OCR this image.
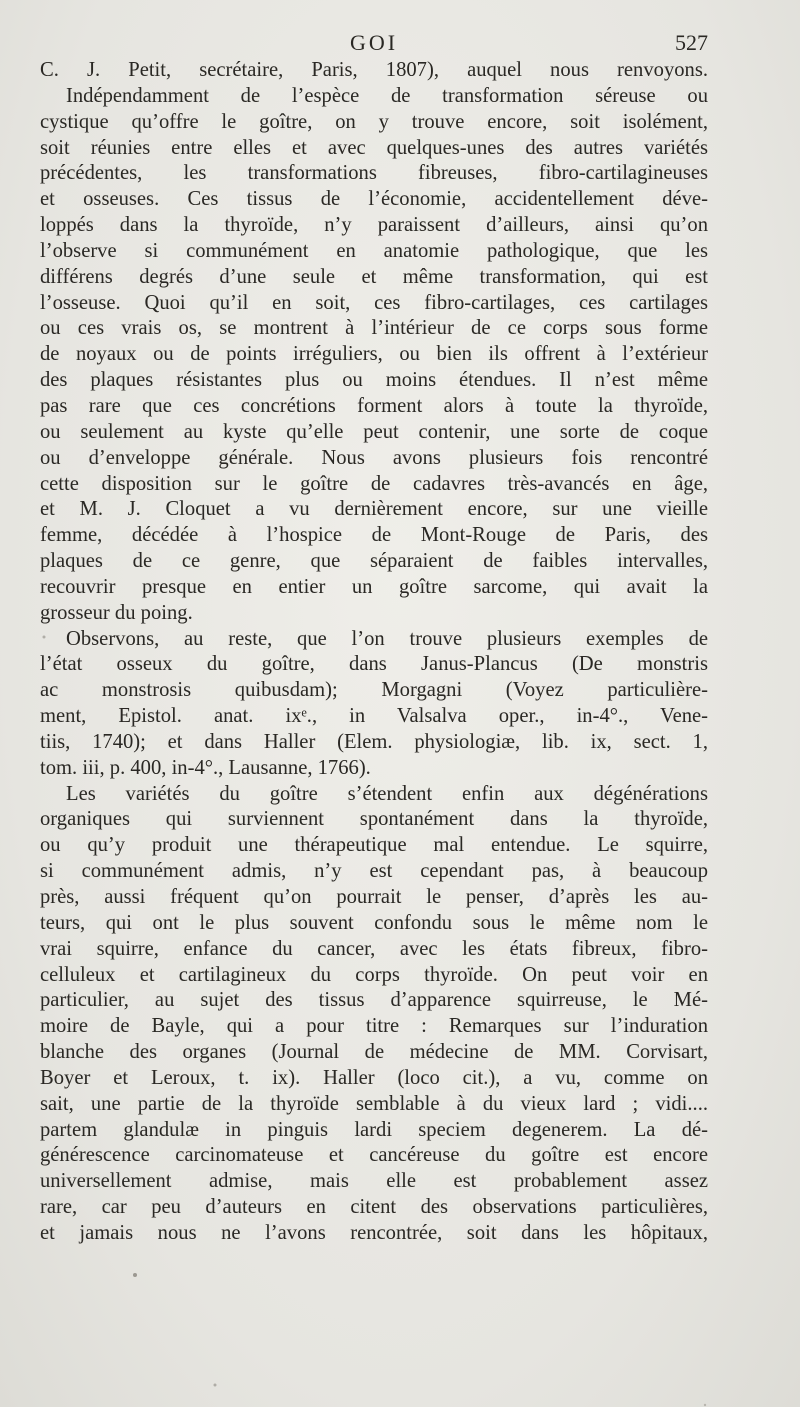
GOI	527
C. J. Petit, secrétaire, Paris, 1807), auquel nous renvoyons.
Indépendamment de l’espèce de transformation séreuse ou
cystique qu’offre le goître, on y trouve encore, soit isolément,
soit réunies entre elles et avec quelques-unes des autres variétés
précédentes, les transformations fibreuses, fibro-cartilagineuses
et osseuses. Ces tissus de l’économie, accidentellement déve-
loppés dans la thyroïde, n’y paraissent d’ailleurs, ainsi qu’on
l’observe si communément en anatomie pathologique, que les
différens degrés d’une seule et même transformation, qui est
l’osseuse. Quoi qu’il en soit, ces fibro-cartilages, ces cartilages
ou ces vrais os, se montrent à l’intérieur de ce corps sous forme
de noyaux ou de points irréguliers, ou bien ils offrent à l’extérieur
des plaques résistantes plus ou moins étendues. Il n’est même
pas rare que ces concrétions forment alors à toute la thyroïde,
ou seulement au kyste qu’elle peut contenir, une sorte de coque
ou d’enveloppe générale. Nous avons plusieurs fois rencontré
cette disposition sur le goître de cadavres très-avancés en âge,
et M. J. Cloquet a vu dernièrement encore, sur une vieille
femme, décédée à l’hospice de Mont-Rouge de Paris, des
plaques de ce genre, que séparaient de faibles intervalles,
recouvrir presque en entier un goître sarcome, qui avait la
grosseur du poing.
Observons, au reste, que l’on trouve plusieurs exemples de
l’état osseux du goître, dans Janus-Plancus (De monstris
ac monstrosis quibusdam); Morgagni (Voyez particulière-
ment, Epistol. anat. ixᵉ., in Valsalva oper., in-4°., Vene-
tiis, 1740); et dans Haller (Elem. physiologiæ, lib. ix, sect. 1,
tom. iii, p. 400, in-4°., Lausanne, 1766).
Les variétés du goître s’étendent enfin aux dégénérations
organiques qui surviennent spontanément dans la thyroïde,
ou qu’y produit une thérapeutique mal entendue. Le squirre,
si communément admis, n’y est cependant pas, à beaucoup
près, aussi fréquent qu’on pourrait le penser, d’après les au-
teurs, qui ont le plus souvent confondu sous le même nom le
vrai squirre, enfance du cancer, avec les états fibreux, fibro-
celluleux et cartilagineux du corps thyroïde. On peut voir en
particulier, au sujet des tissus d’apparence squirreuse, le Mé-
moire de Bayle, qui a pour titre : Remarques sur l’induration
blanche des organes (Journal de médecine de MM. Corvisart,
Boyer et Leroux, t. ix). Haller (loco cit.), a vu, comme on
sait, une partie de la thyroïde semblable à du vieux lard ; vidi....
partem glandulæ in pinguis lardi speciem degenerem. La dé-
générescence carcinomateuse et cancéreuse du goître est encore
universellement admise, mais elle est probablement assez
rare, car peu d’auteurs en citent des observations particulières,
et jamais nous ne l’avons rencontrée, soit dans les hôpitaux,
